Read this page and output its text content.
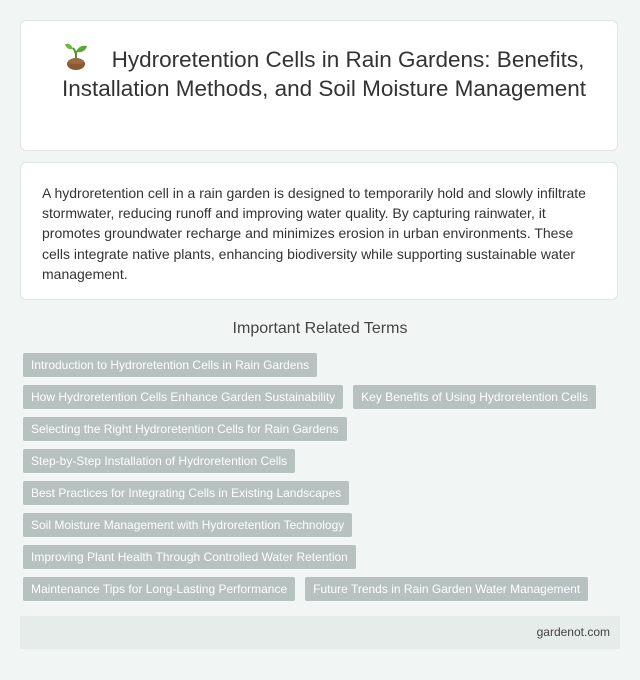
Hydroretention Cells in Rain Gardens: Benefits, Installation Methods, and Soil Moisture Management
A hydroretention cell in a rain garden is designed to temporarily hold and slowly infiltrate stormwater, reducing runoff and improving water quality. By capturing rainwater, it promotes groundwater recharge and minimizes erosion in urban environments. These cells integrate native plants, enhancing biodiversity while supporting sustainable water management.
Important Related Terms
Introduction to Hydroretention Cells in Rain Gardens
How Hydroretention Cells Enhance Garden Sustainability Key Benefits of Using Hydroretention Cells
Selecting the Right Hydroretention Cells for Rain Gardens
Step-by-Step Installation of Hydroretention Cells
Best Practices for Integrating Cells in Existing Landscapes
Soil Moisture Management with Hydroretention Technology
Improving Plant Health Through Controlled Water Retention
Maintenance Tips for Long-Lasting Performance Future Trends in Rain Garden Water Management
gardenot.com
